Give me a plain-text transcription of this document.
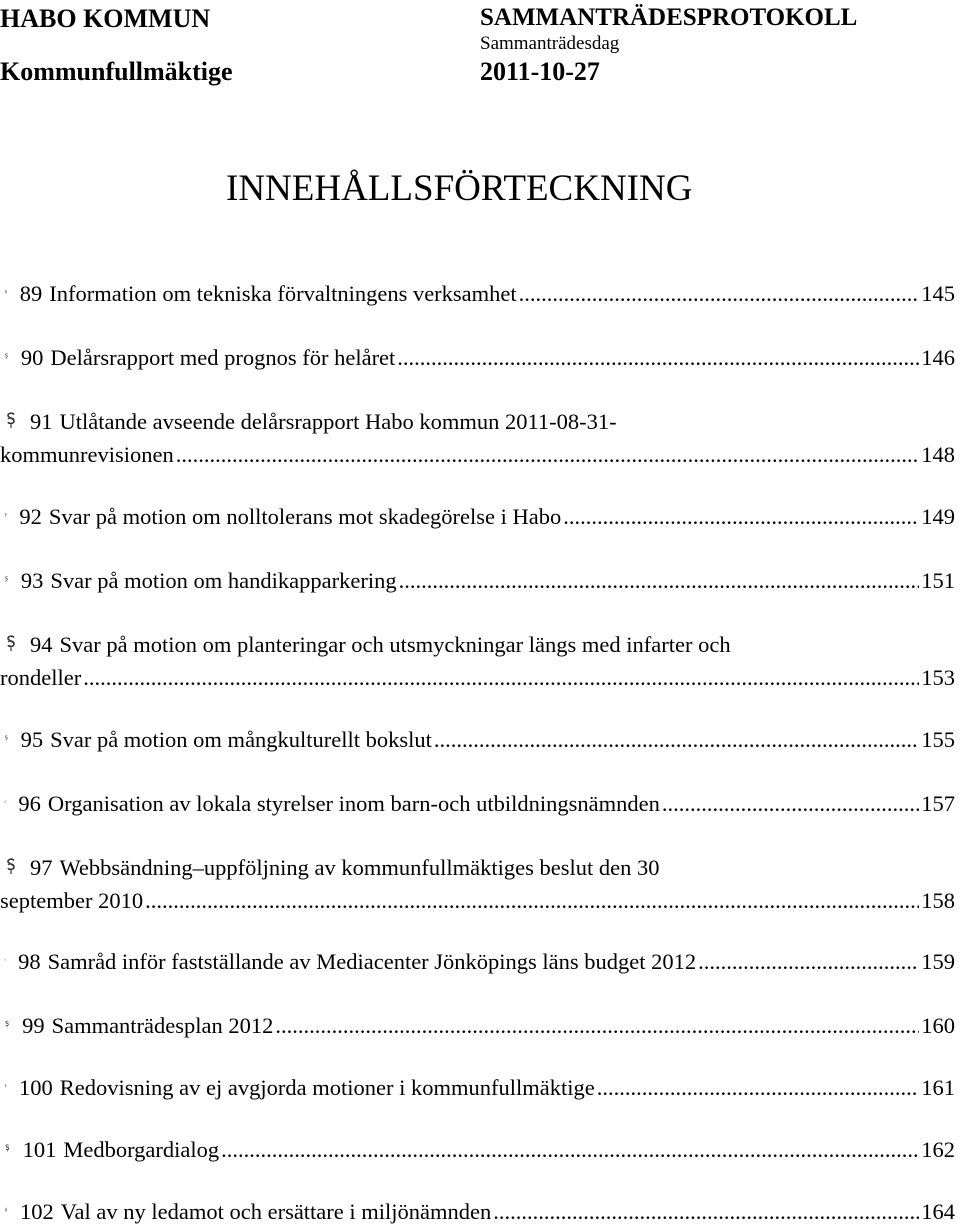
HABO KOMMUN
Kommunfullmäktige
SAMMANTRÄDESPROTOKOLL
Sammanträdesdag
2011-10-27
INNEHÅLLSFÖRTECKNING
89 Information om tekniska förvaltningens verksamhet .....	145
90 Delårsrapport med prognos för helåret .....	146
91 Utlåtande avseende delårsrapport Habo kommun 2011-08-31-
kommunrevisionen .....	148
92 Svar på motion om nolltolerans mot skadegörelse i Habo .....	149
93 Svar på motion om handikapparkering .....	151
94 Svar på motion om planteringar och utsmyckningar längs med infarter och
rondeller .....	153
95 Svar på motion om mångkulturellt bokslut .....	155
96 Organisation av lokala styrelser inom barn-och utbildningsnämnden .....	157
97 Webbsändning–uppföljning av kommunfullmäktiges beslut den 30
september 2010 .....	158
98 Samråd inför fastställande av Mediacenter Jönköpings läns budget 2012 .....	159
99 Sammanträdesplan 2012 .....	160
100 Redovisning av ej avgjorda motioner i kommunfullmäktige .....	161
101 Medborgardialog .....	162
102 Val av ny ledamot och ersättare i miljönämnden .....	164
